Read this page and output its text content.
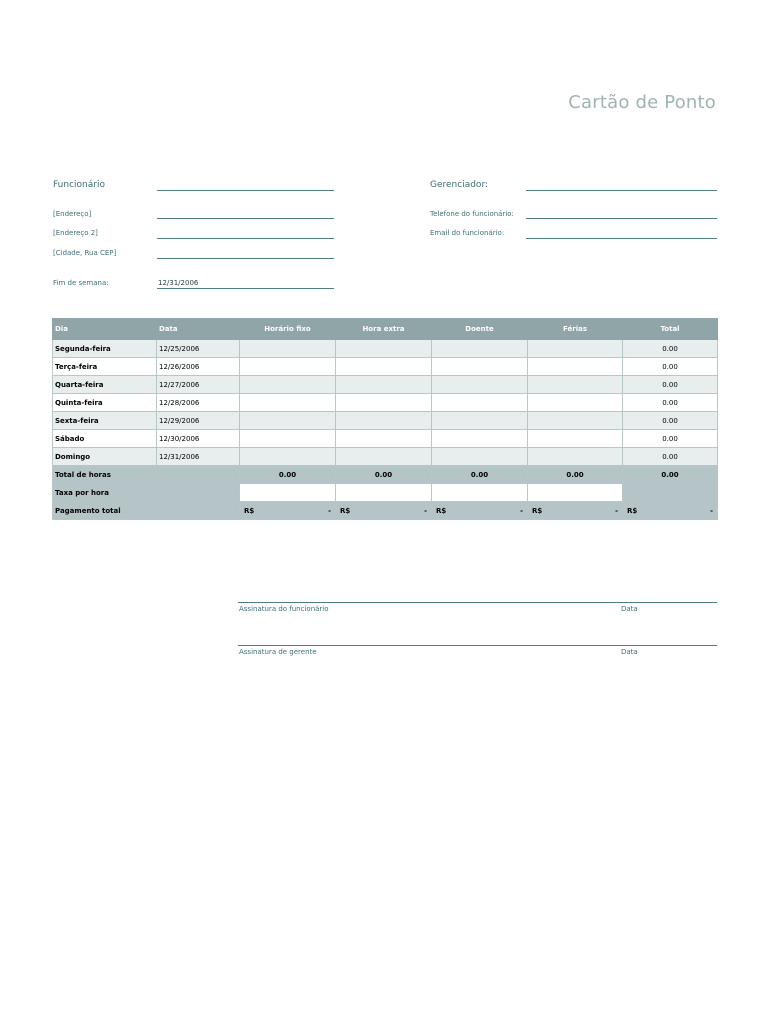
Cartão de Ponto
Funcionário	Gerenciador:
[Endereço]	Telefone do funcionário:
[Endereço 2]	Email do funcionário:
[Cidade, Rua CEP]
Fim de semana:	12/31/2006
Dia	Data	Horário fixo	Hora extra	Doente	Férias	Total
Segunda-feira	12/25/2006					0.00
Terça-feira	12/26/2006					0.00
Quarta-feira	12/27/2006					0.00
Quinta-feira	12/28/2006					0.00
Sexta-feira	12/29/2006					0.00
Sábado	12/30/2006					0.00
Domingo	12/31/2006					0.00
Total de horas		0.00	0.00	0.00	0.00	0.00
Taxa por hora						
Pagamento total		R$ -	R$ -	R$ -	R$ -	R$ -
Assinatura do funcionário	Data
Assinatura de gerente	Data
